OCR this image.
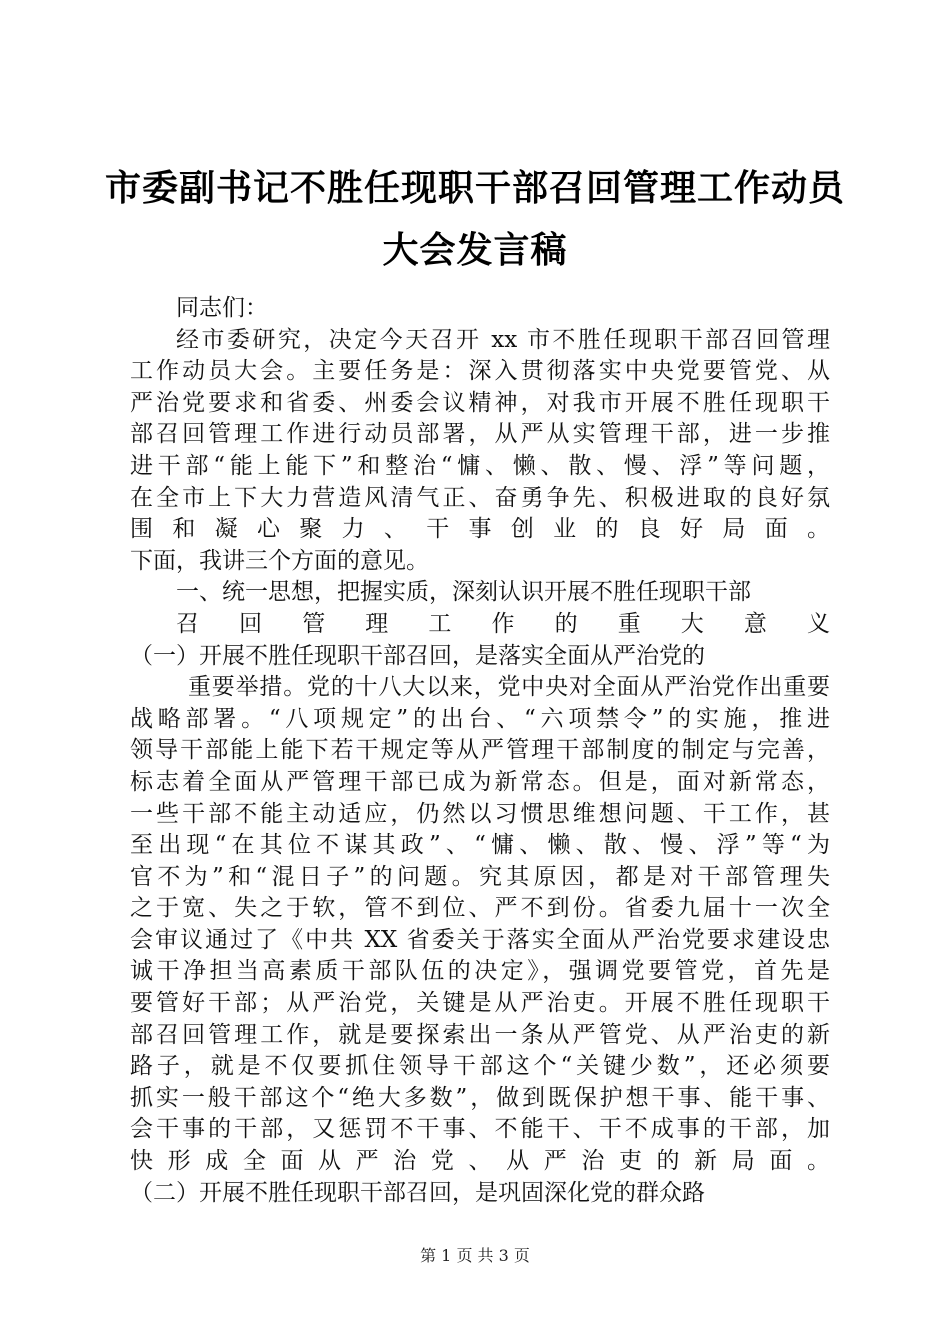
市委副书记不胜任现职干部召回管理工作动员
大会发言稿
同志们：
经市委研究，决定今天召开 xx 市不胜任现职干部召回管理
工作动员大会。主要任务是：深入贯彻落实中央党要管党、从
严治党要求和省委、州委会议精神，对我市开展不胜任现职干
部召回管理工作进行动员部署，从严从实管理干部，进一步推
进干部“能上能下”和整治“慵、懒、散、慢、浮”等问题，
在全市上下大力营造风清气正、奋勇争先、积极进取的良好氛
围和凝心聚力、干事创业的良好局面。
下面，我讲三个方面的意见。
一、统一思想，把握实质，深刻认识开展不胜任现职干部
召回管理工作的重大意义
（一）开展不胜任现职干部召回，是落实全面从严治党的
重要举措。党的十八大以来，党中央对全面从严治党作出重要
战略部署。“八项规定”的出台、“六项禁令”的实施，推进
领导干部能上能下若干规定等从严管理干部制度的制定与完善，
标志着全面从严管理干部已成为新常态。但是，面对新常态，
一些干部不能主动适应，仍然以习惯思维想问题、干工作，甚
至出现“在其位不谋其政”、“慵、懒、散、慢、浮”等“为
官不为”和“混日子”的问题。究其原因，都是对干部管理失
之于宽、失之于软，管不到位、严不到份。省委九届十一次全
会审议通过了《中共 XX 省委关于落实全面从严治党要求建设忠
诚干净担当高素质干部队伍的决定》，强调党要管党，首先是
要管好干部；从严治党，关键是从严治吏。开展不胜任现职干
部召回管理工作，就是要探索出一条从严管党、从严治吏的新
路子，就是不仅要抓住领导干部这个“关键少数”，还必须要
抓实一般干部这个“绝大多数”，做到既保护想干事、能干事、
会干事的干部，又惩罚不干事、不能干、干不成事的干部，加
快形成全面从严治党、从严治吏的新局面。
（二）开展不胜任现职干部召回，是巩固深化党的群众路
第 1 页 共 3 页
